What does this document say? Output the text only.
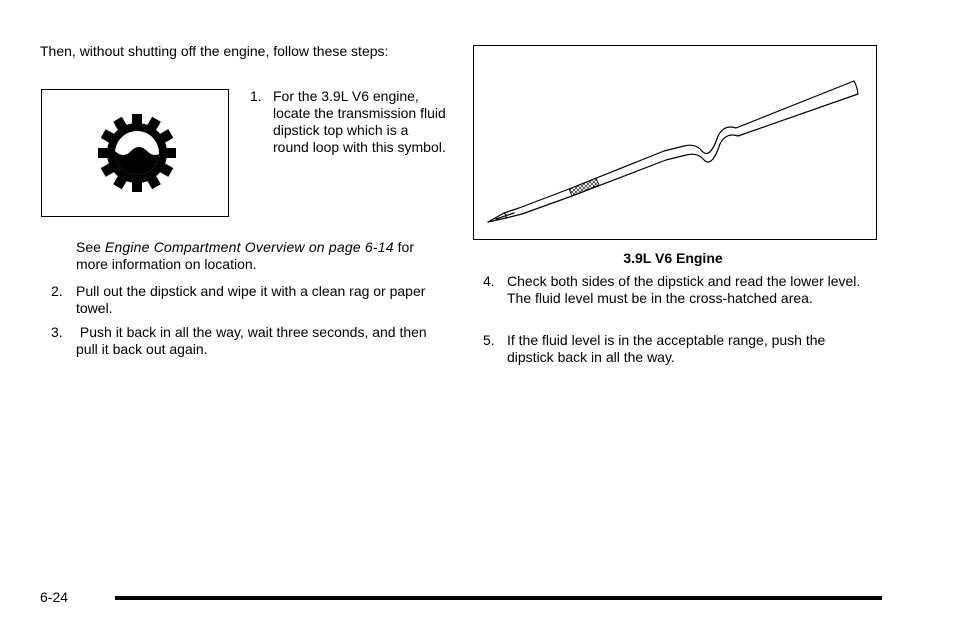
Then, without shutting off the engine, follow these steps:
1. For the 3.9L V6 engine, locate the transmission fluid dipstick top which is a round loop with this symbol.
See Engine Compartment Overview on page 6-14 for more information on location.
2. Pull out the dipstick and wipe it with a clean rag or paper towel.
3. Push it back in all the way, wait three seconds, and then pull it back out again.
3.9L V6 Engine
4. Check both sides of the dipstick and read the lower level. The fluid level must be in the cross-hatched area.
5. If the fluid level is in the acceptable range, push the dipstick back in all the way.
6-24
